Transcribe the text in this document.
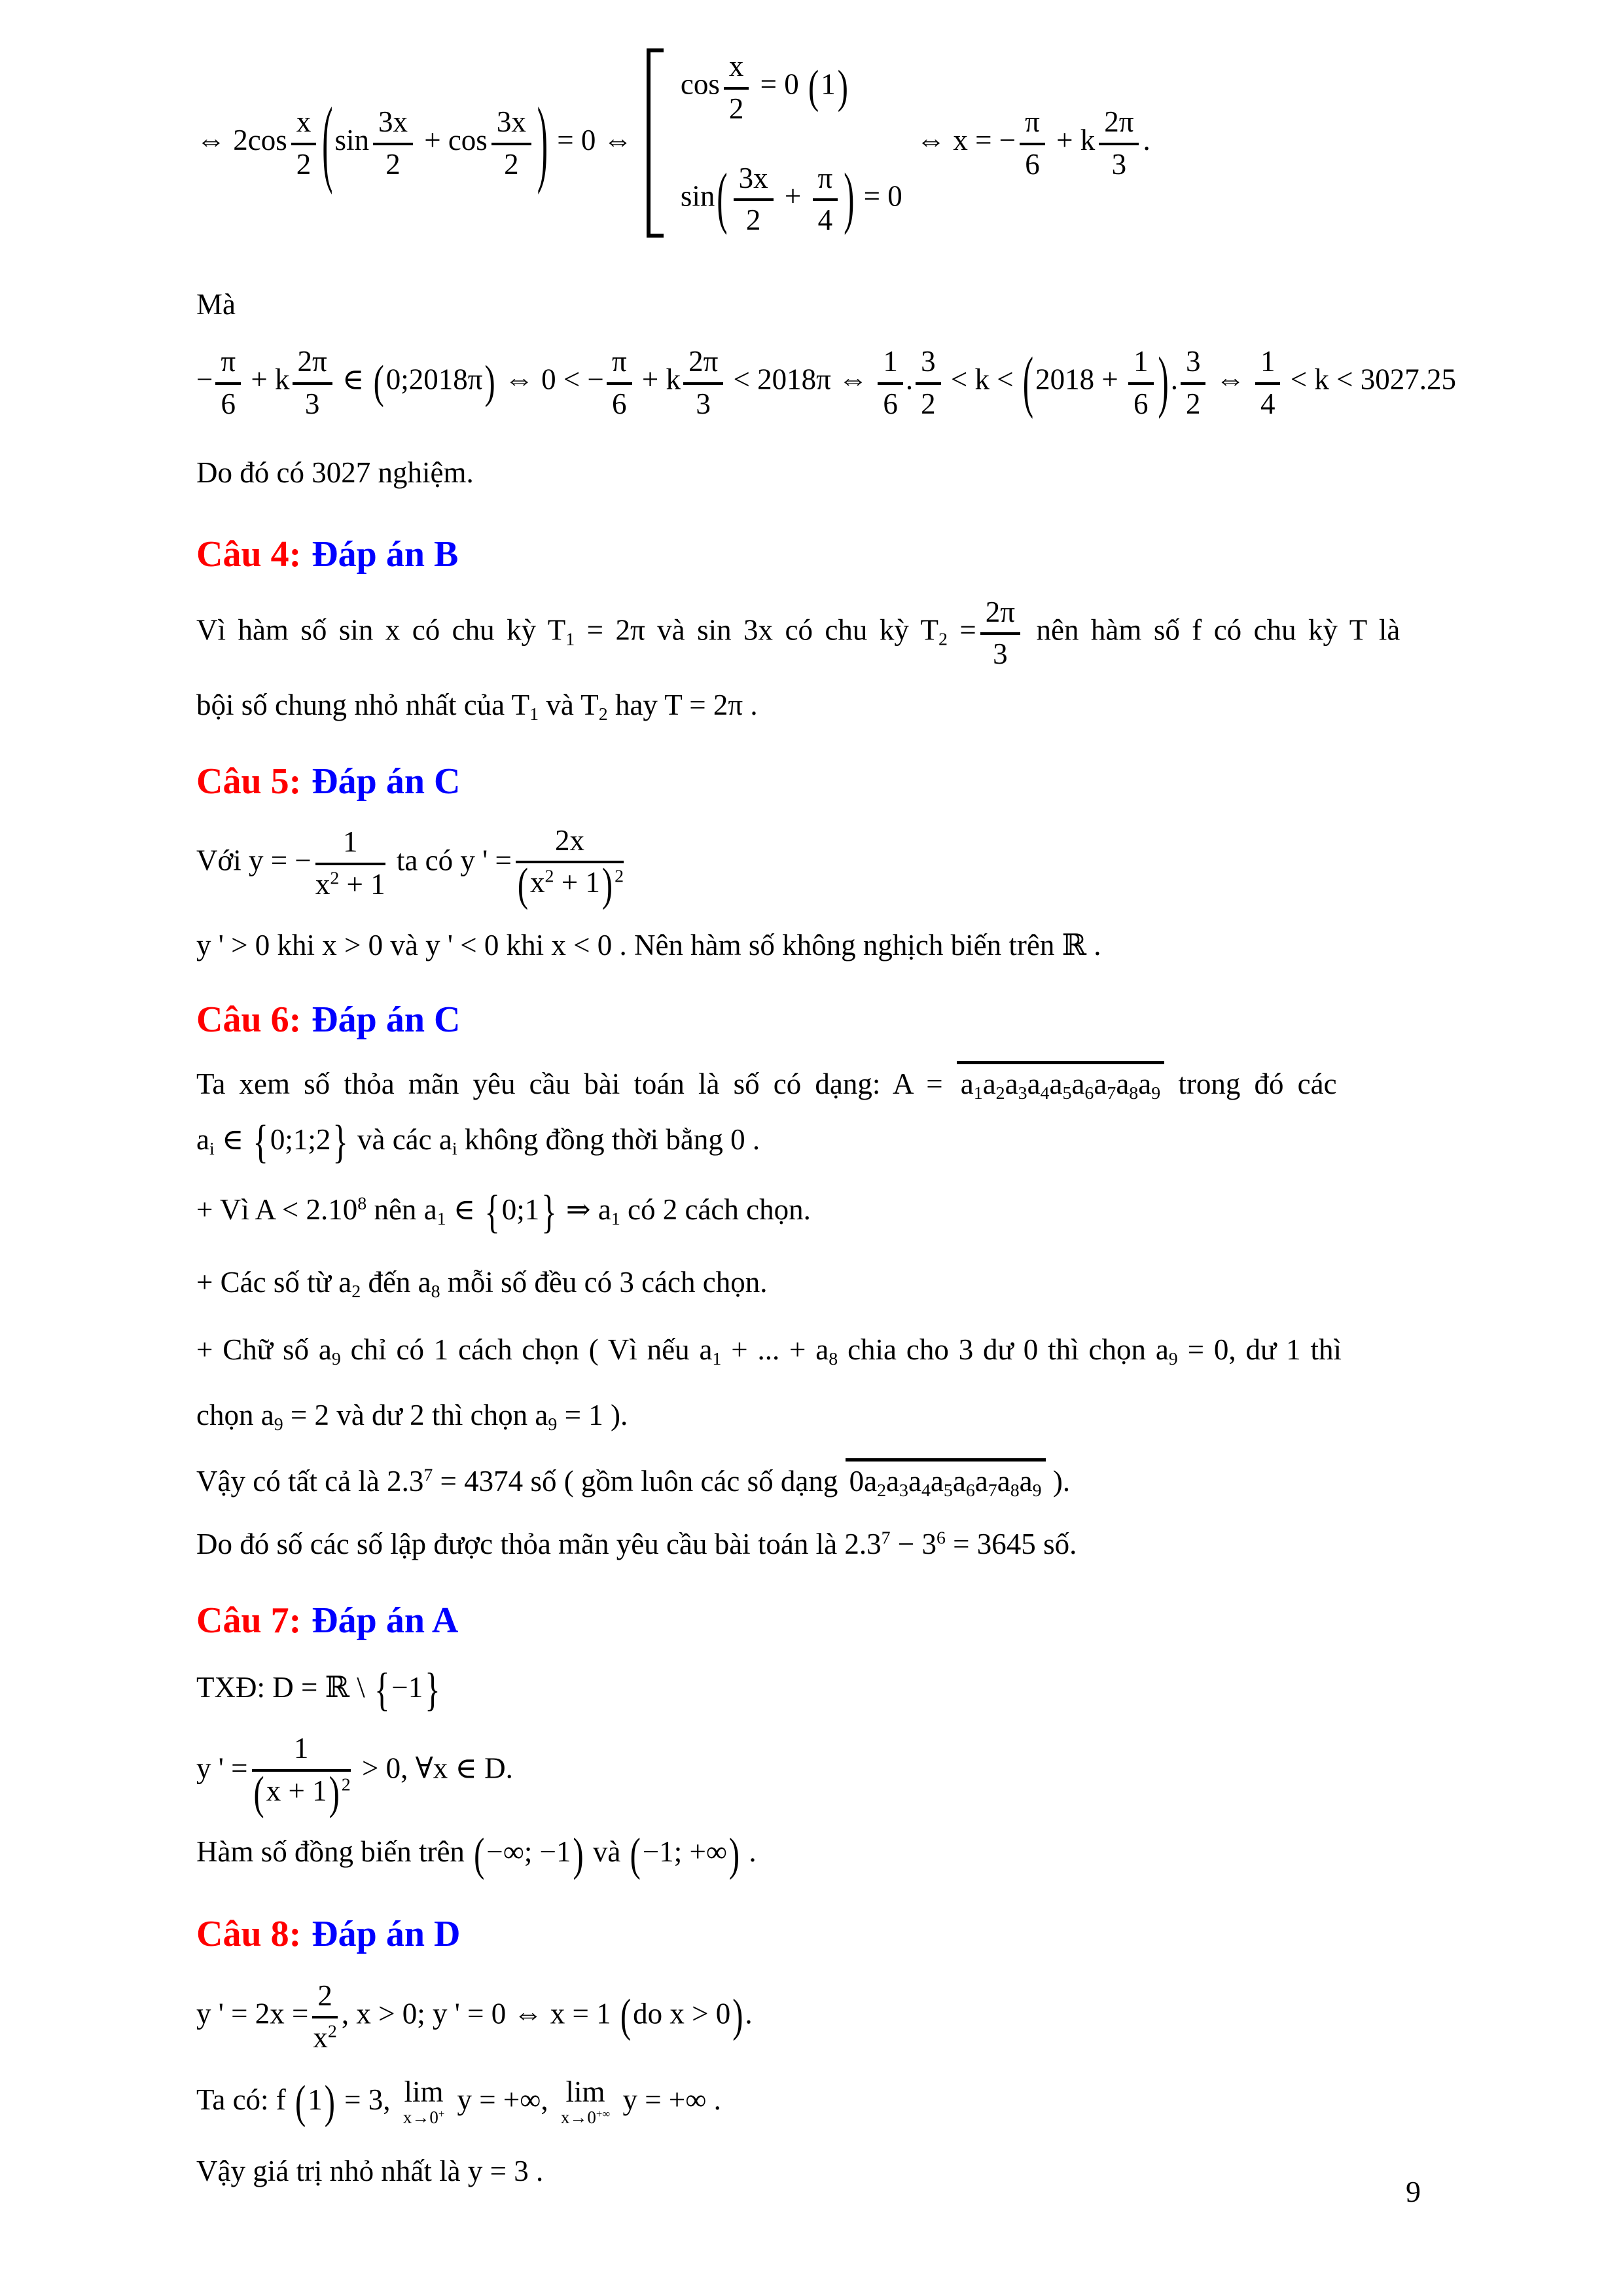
⇔ $2\cos \frac{x}{2} (\sin \frac{3x}{2} + \cos \frac{3x}{2}$ ) = 0 ⇔
$\cos \frac{x}{2} = 0$ (1)
$\sin( \frac{3x}{2} + \frac{\pi}{4}$ ) = 0
⇔ x = − $\frac{\pi}{6} + k \frac{2\pi}{3}$ .

Mà

− $\frac{\pi}{6} + k \frac{2\pi}{3}$ ∈ (0;2018π) ⇔ 0 < − $\frac{\pi}{6} + k \frac{2\pi}{3} < 2018\pi$ ⇔ $\frac{1}{6}$ . $\frac{3}{2} < k < (2018 + \frac{1}{6}$ ). $\frac{3}{2}$ ⇔ $\frac{1}{4} < k < 3027.25$

Do đó có 3027 nghiệm.

Câu 4: Đáp án B

Vì hàm số sin x có chu kỳ T1 = 2π và sin 3x có chu kỳ $T2 = \frac{2\pi}{3}$ nên hàm số f có chu kỳ T là
bội số chung nhỏ nhất của T1 và T2 hay T = 2π .

Câu 5: Đáp án C

Với y = − $\frac{1}{x^2 + 1}$ ta có y ' = $\frac{2x}{(x^2 + 1) ^2}$
y ' > 0 khi x > 0 và y ' < 0 khi x < 0 . Nên hàm số không nghịch biến trên ℝ .

Câu 6: Đáp án C

Ta xem số thỏa mãn yêu cầu bài toán là số có dạng: A = a1a2a3a4a5a6a7a8a9 trong đó các
ai ∈ {0;1;2} và các ai không đồng thời bằng 0 .
+ Vì $A < 2.10^8$ nên a1 ∈ {0;1} ⇒ a1 có 2 cách chọn.
+ Các số từ a2 đến a8 mỗi số đều có 3 cách chọn.
+ Chữ số a9 chỉ có 1 cách chọn ( Vì nếu a1 + ... + a8 chia cho 3 dư 0 thì chọn a9 = 0, dư 1 thì
chọn a9 = 2 và dư 2 thì chọn a9 = 1 ).
Vậy có tất cả là $2.3^7 = 4374$ số ( gồm luôn các số dạng 0a2a3a4a5a6a7a8a9 ).
Do đó số các số lập được thỏa mãn yêu cầu bài toán là $2.3^7 - 3^6 = 3645$ số.

Câu 7: Đáp án A

TXĐ: D = ℝ \ {−1}
y ' = $\frac{1}{(x + 1) ^2} > 0$, ∀x ∈ D.
Hàm số đồng biến trên (−∞; −1) và (−1; +∞) .

Câu 8: Đáp án D

y ' = $2x = \frac{2}{x^2}$ , x > 0; y ' = 0 ⇔ x = 1 (do x > 0).
Ta có: f (1) = 3, lim
x→0+ y = +∞, lim
x→0+∞ y = +∞ .
Vậy giá trị nhỏ nhất là y = 3 .
9
